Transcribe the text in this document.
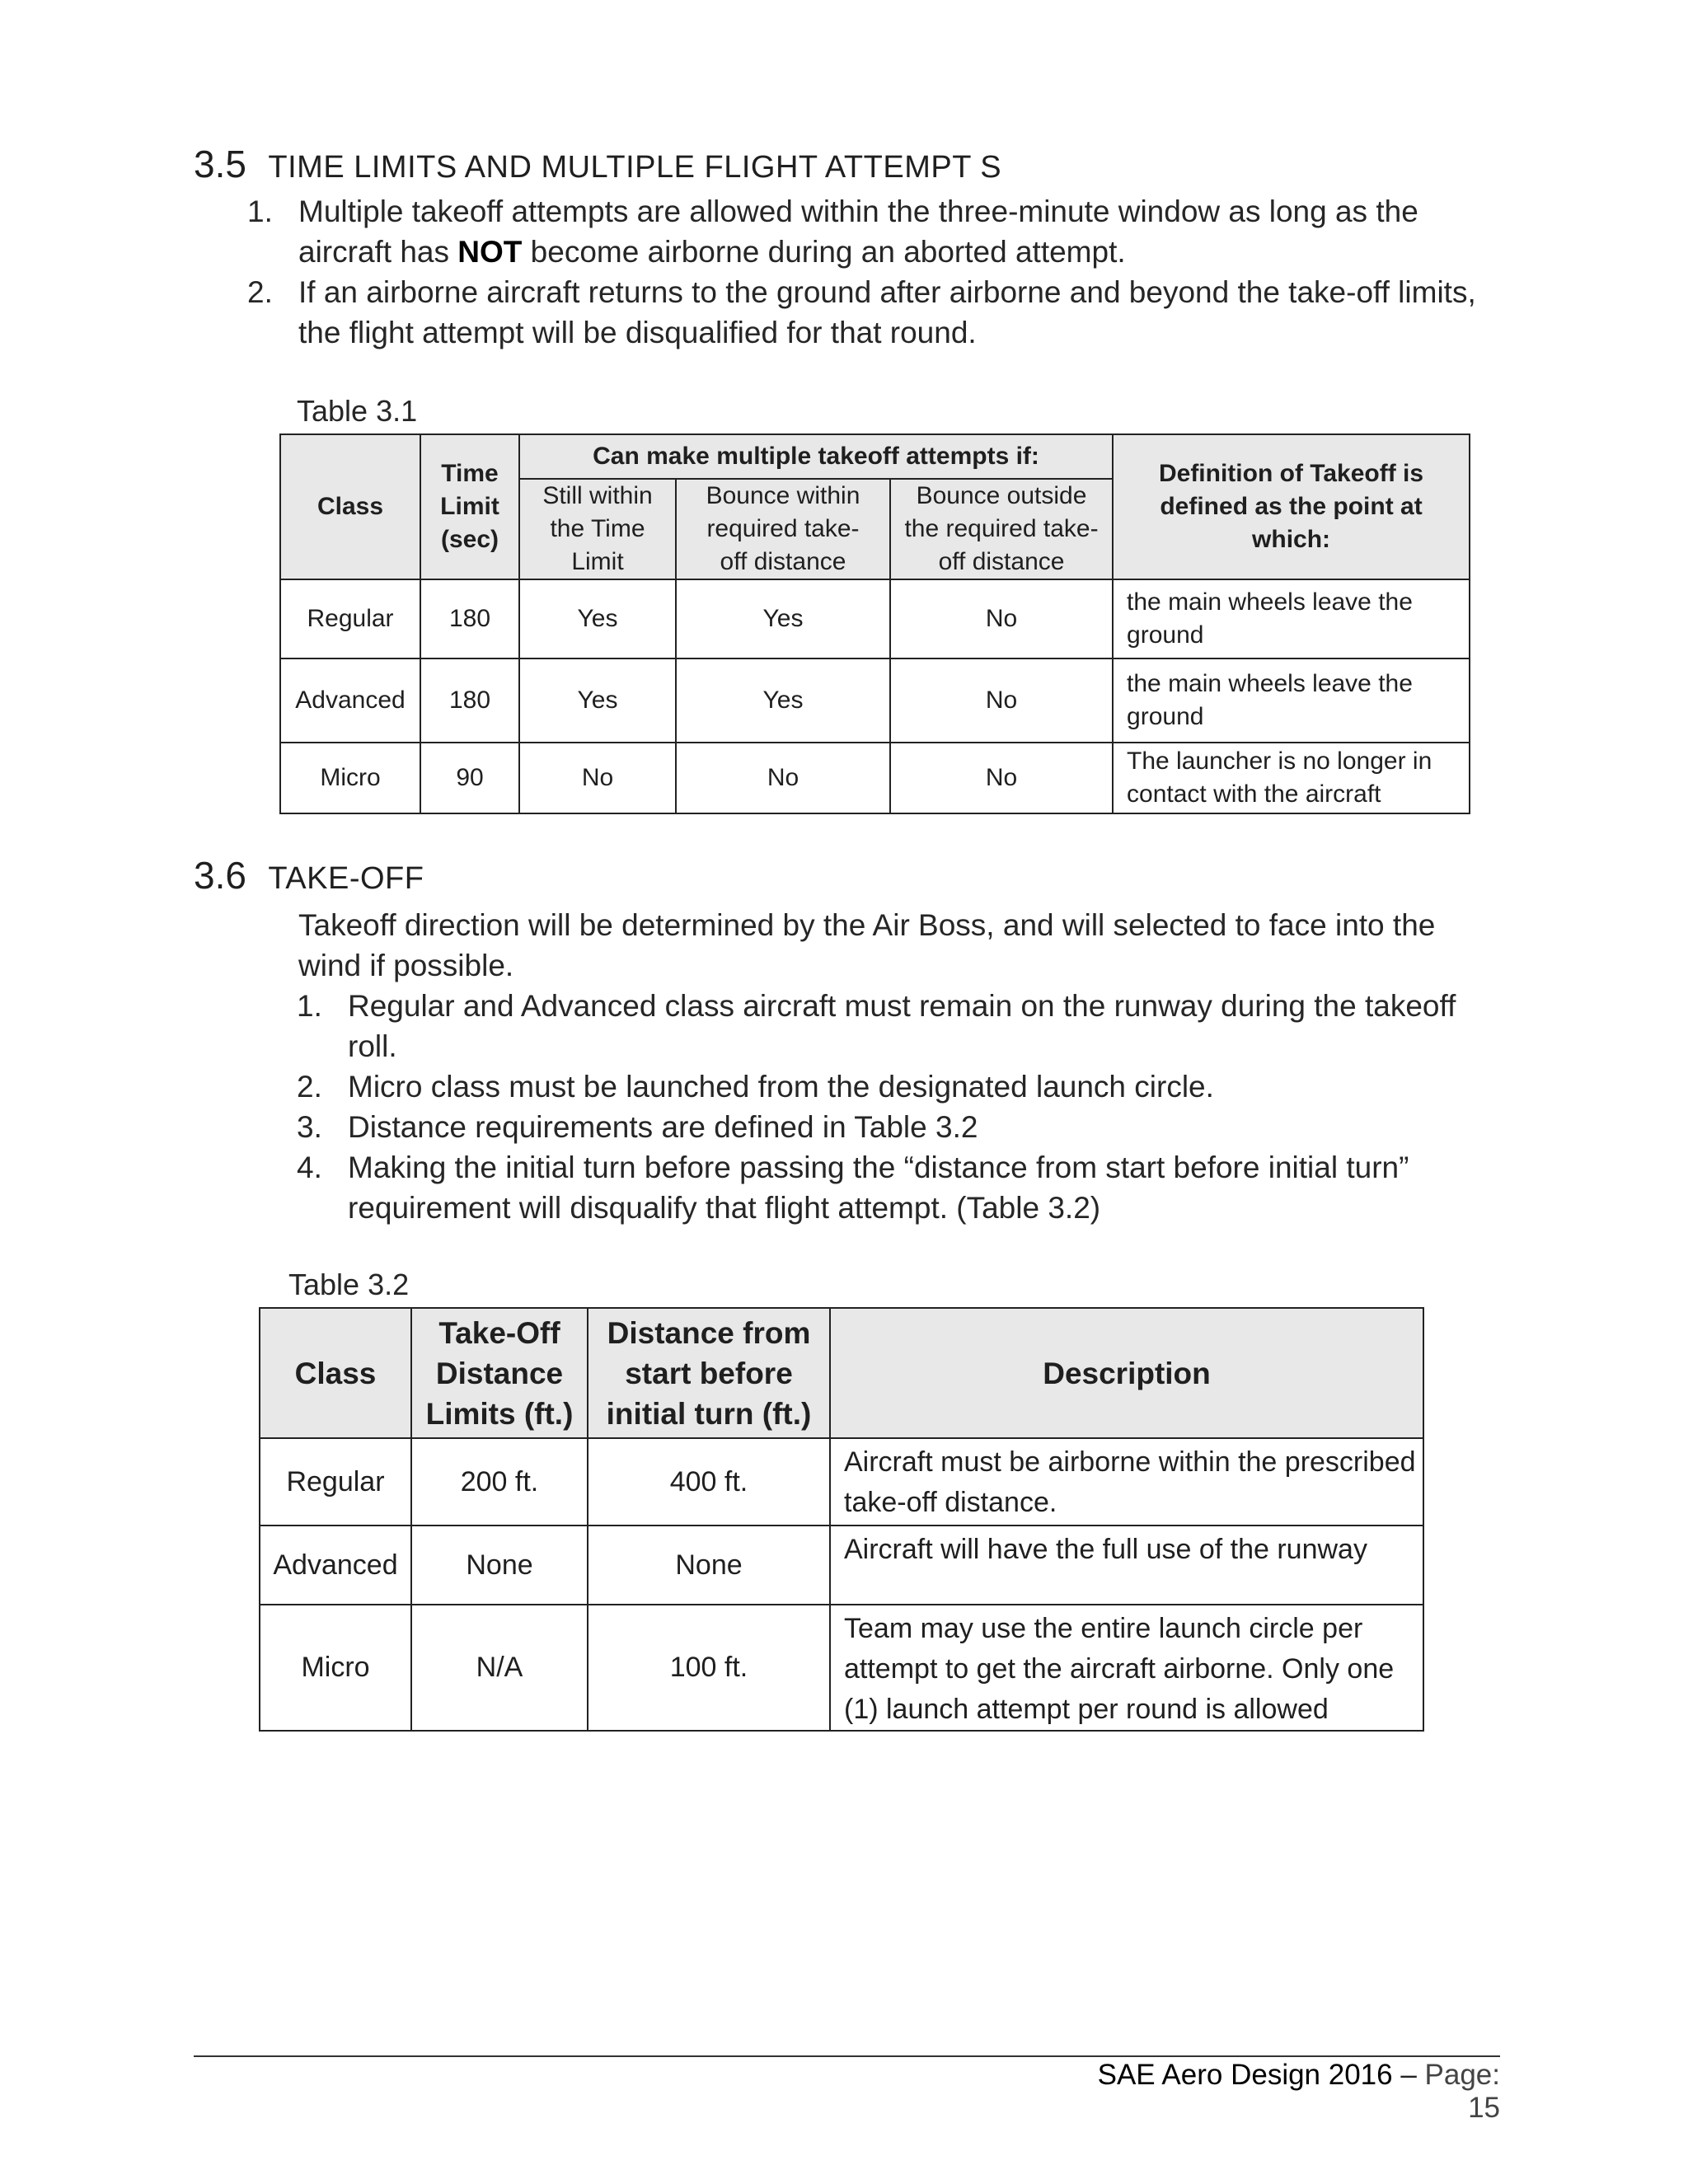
3.5 TIME LIMITS AND MULTIPLE FLIGHT ATTEMPT S
1. Multiple takeoff attempts are allowed within the three-minute window as long as the aircraft has NOT become airborne during an aborted attempt.
2. If an airborne aircraft returns to the ground after airborne and beyond the take-off limits, the flight attempt will be disqualified for that round.
Table 3.1
Class	Time Limit (sec)	Can make multiple takeoff attempts if:			Definition of Takeoff is defined as the point at which:
		Still within the Time Limit	Bounce within required take-off distance	Bounce outside the required take-off distance	
Regular	180	Yes	Yes	No	the main wheels leave the ground
Advanced	180	Yes	Yes	No	the main wheels leave the ground
Micro	90	No	No	No	The launcher is no longer in contact with the aircraft
3.6 TAKE-OFF
Takeoff direction will be determined by the Air Boss, and will selected to face into the wind if possible.
1. Regular and Advanced class aircraft must remain on the runway during the takeoff roll.
2. Micro class must be launched from the designated launch circle.
3. Distance requirements are defined in Table 3.2
4. Making the initial turn before passing the “distance from start before initial turn” requirement will disqualify that flight attempt. (Table 3.2)
Table 3.2
Class	Take-Off Distance Limits (ft.)	Distance from start before initial turn (ft.)	Description
Regular	200 ft.	400 ft.	Aircraft must be airborne within the prescribed take-off distance.
Advanced	None	None	Aircraft will have the full use of the runway
Micro	N/A	100 ft.	Team may use the entire launch circle per attempt to get the aircraft airborne. Only one (1) launch attempt per round is allowed
SAE Aero Design 2016 – Page: 15
